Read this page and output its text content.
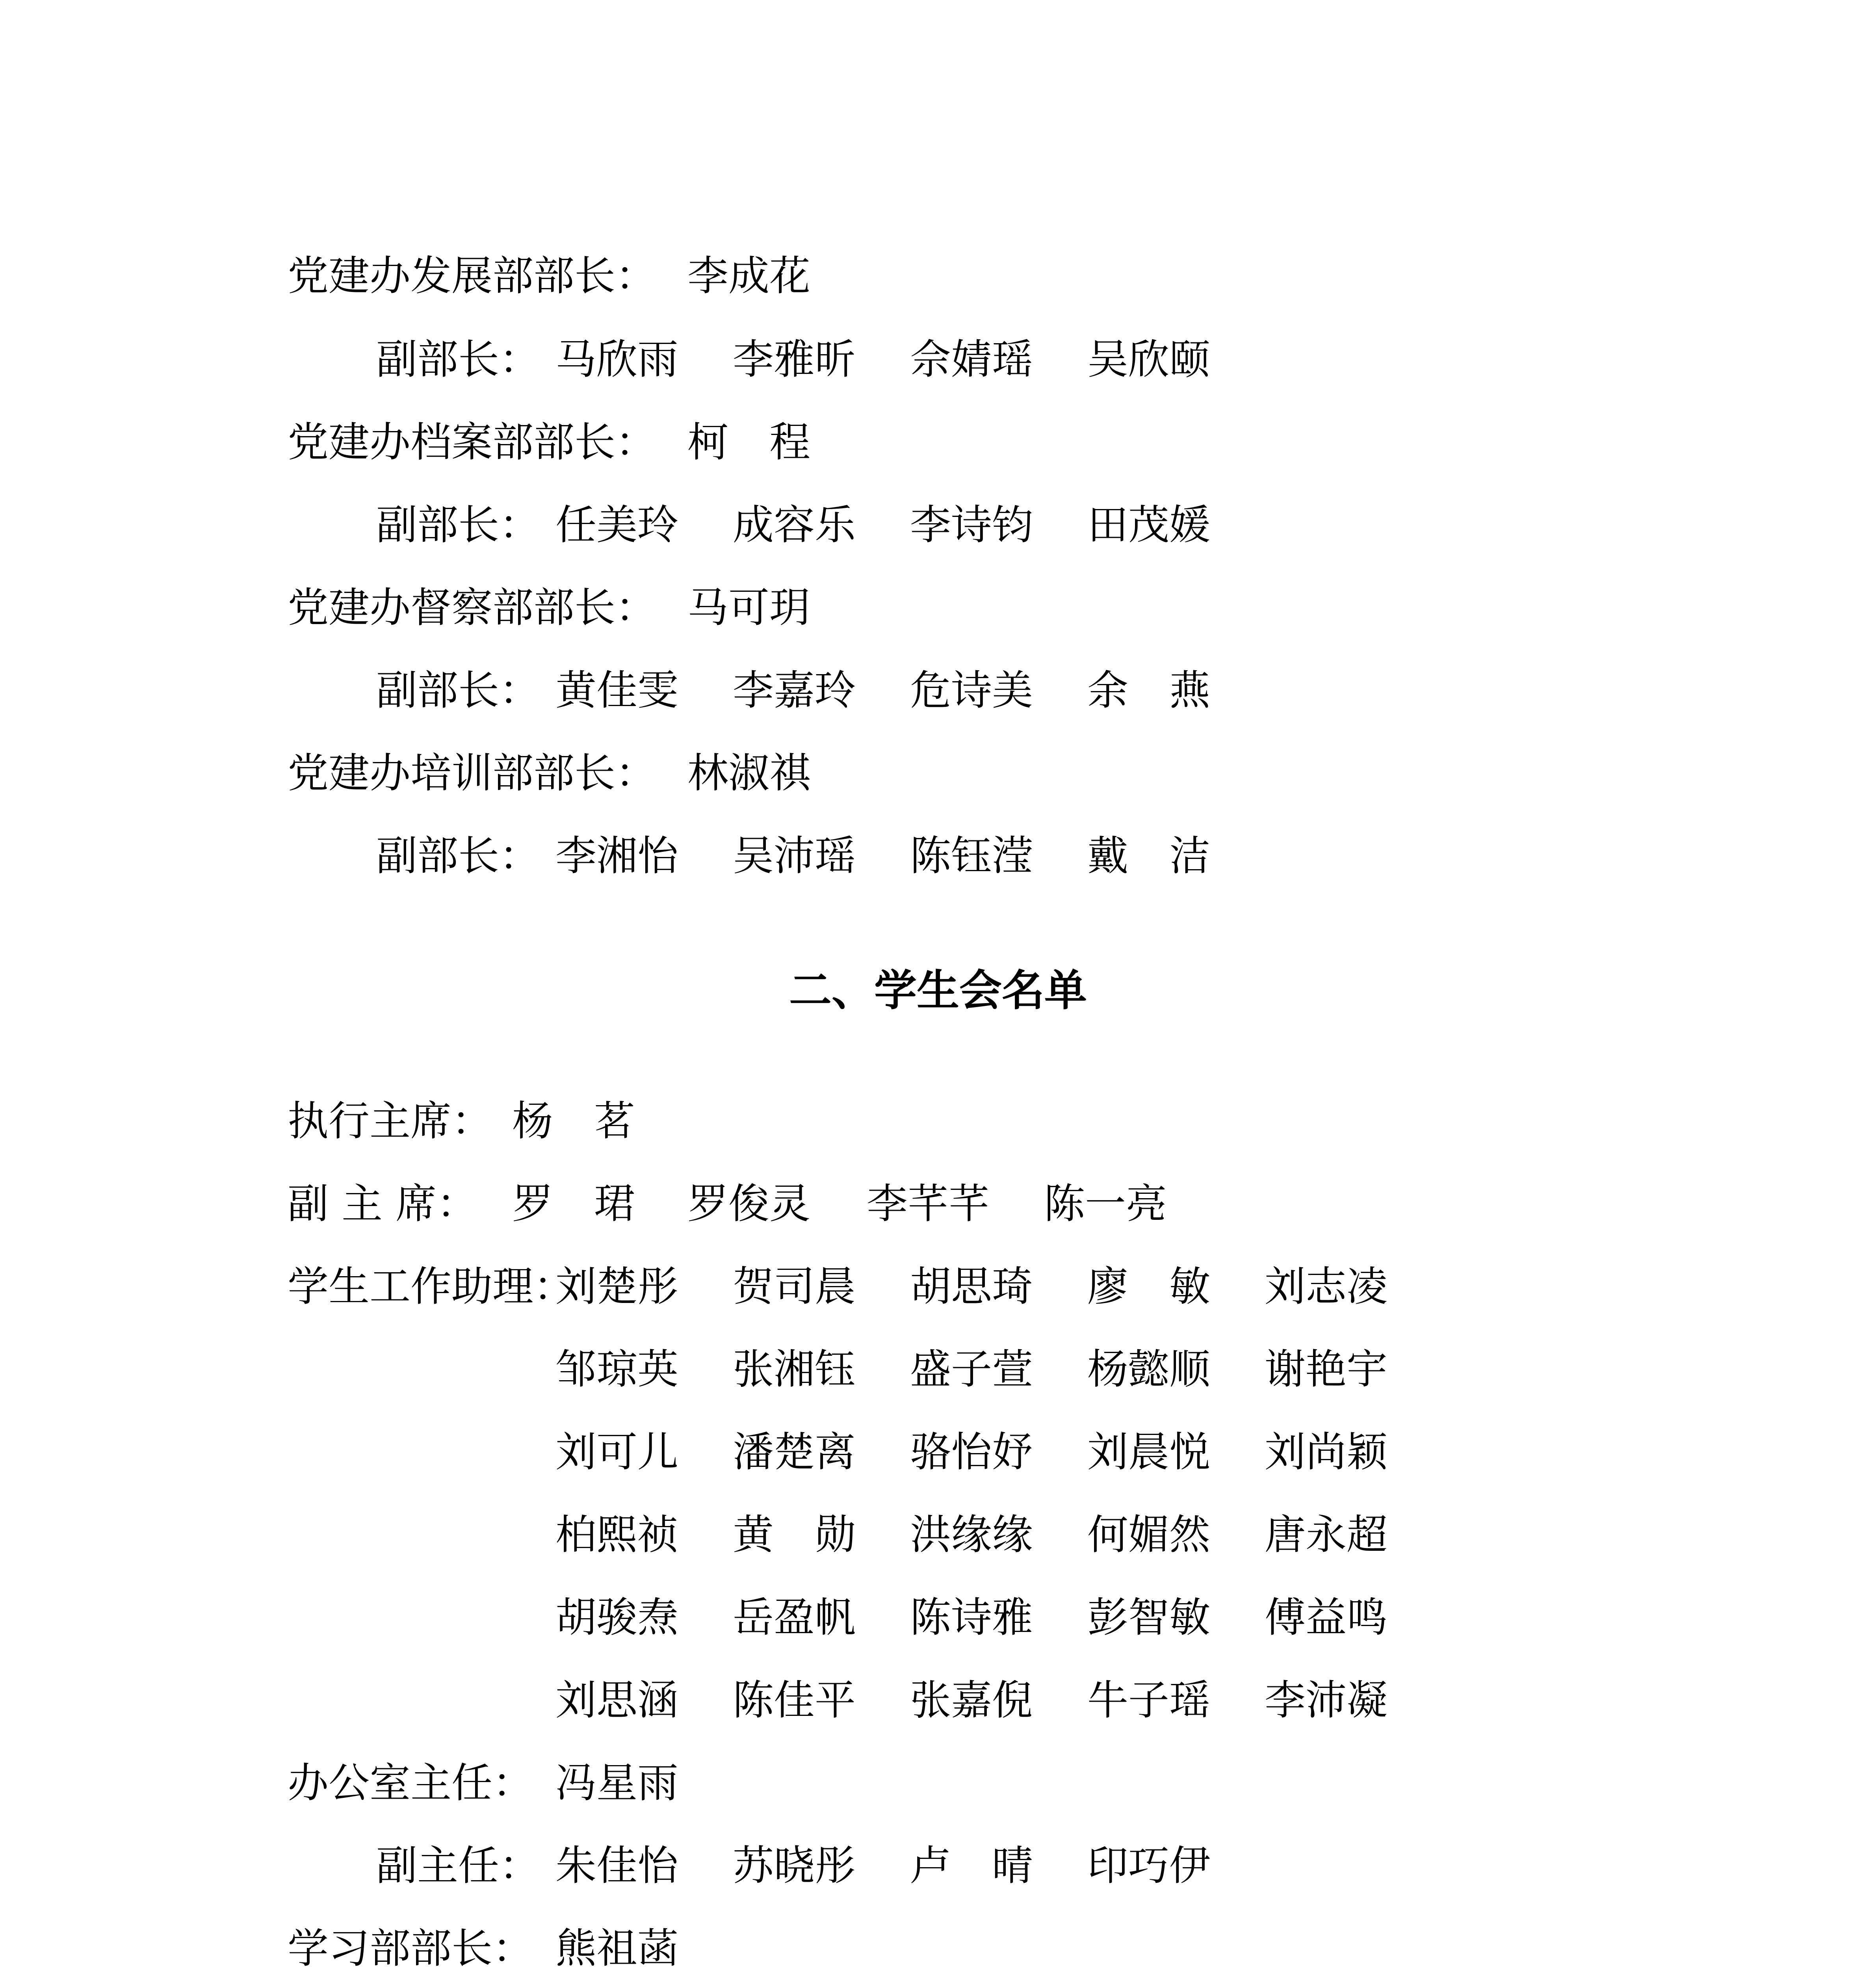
党建办发展部部长： 李成花
副部长： 马欣雨 李雅昕 佘婧瑶 吴欣颐
党建办档案部部长： 柯　程
副部长： 任美玲 成容乐 李诗钧 田茂媛
党建办督察部部长： 马可玥
副部长： 黄佳雯 李嘉玲 危诗美 余　燕
党建办培训部部长： 林淑祺
副部长： 李湘怡 吴沛瑶 陈钰滢 戴　洁
二、学生会名单
执行主席： 杨　茗
副 主 席： 罗　珺 罗俊灵 李芊芊 陈一亮
学生工作助理：
刘楚彤 贺司晨 胡思琦 廖　敏 刘志凌
邹琼英 张湘钰 盛子萱 杨懿顺 谢艳宇
刘可儿 潘楚离 骆怡妤 刘晨悦 刘尚颖
柏熙祯 黄　勋 洪缘缘 何媚然 唐永超
胡骏焘 岳盈帆 陈诗雅 彭智敏 傅益鸣
刘思涵 陈佳平 张嘉倪 牛子瑶 李沛凝
办公室主任： 冯星雨
副主任： 朱佳怡 苏晓彤 卢　晴 印巧伊
学习部部长： 熊祖菡
